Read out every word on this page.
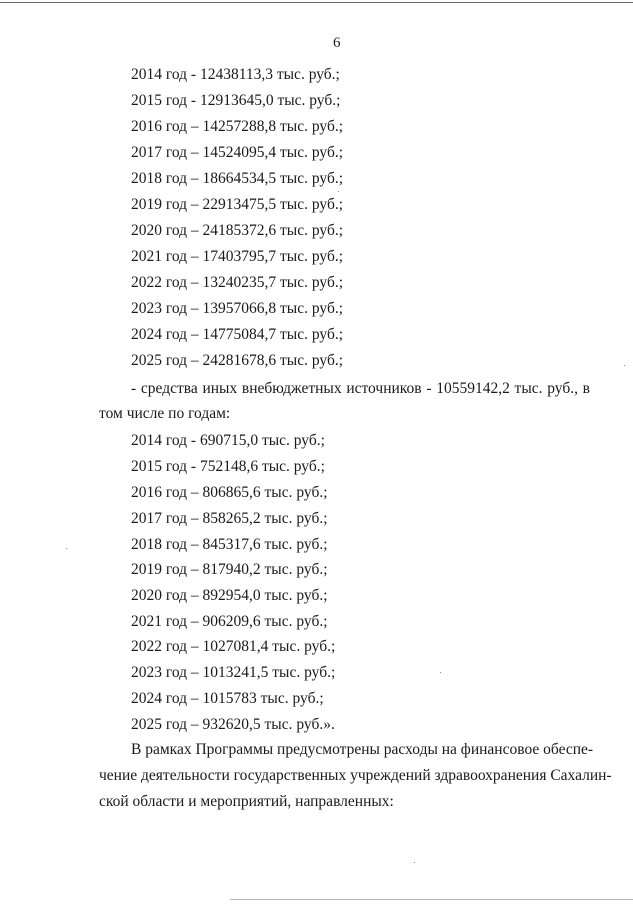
6
2014 год - 12438113,3 тыс. руб.;
2015 год - 12913645,0 тыс. руб.;
2016 год – 14257288,8 тыс. руб.;
2017 год – 14524095,4 тыс. руб.;
2018 год – 18664534,5 тыс. руб.;
2019 год – 22913475,5 тыс. руб.;
2020 год – 24185372,6 тыс. руб.;
2021 год – 17403795,7 тыс. руб.;
2022 год – 13240235,7 тыс. руб.;
2023 год – 13957066,8 тыс. руб.;
2024 год – 14775084,7 тыс. руб.;
2025 год – 24281678,6 тыс. руб.;
- средства иных внебюджетных источников - 10559142,2 тыс. руб., в
том числе по годам:
2014 год - 690715,0 тыс. руб.;
2015 год - 752148,6 тыс. руб.;
2016 год – 806865,6 тыс. руб.;
2017 год – 858265,2 тыс. руб.;
2018 год – 845317,6 тыс. руб.;
2019 год – 817940,2 тыс. руб.;
2020 год – 892954,0 тыс. руб.;
2021 год – 906209,6 тыс. руб.;
2022 год – 1027081,4 тыс. руб.;
2023 год – 1013241,5 тыс. руб.;
2024 год – 1015783 тыс. руб.;
2025 год – 932620,5 тыс. руб.».
В рамках Программы предусмотрены расходы на финансовое обеспе-
чение деятельности государственных учреждений здравоохранения Сахалин-
ской области и мероприятий, направленных:
